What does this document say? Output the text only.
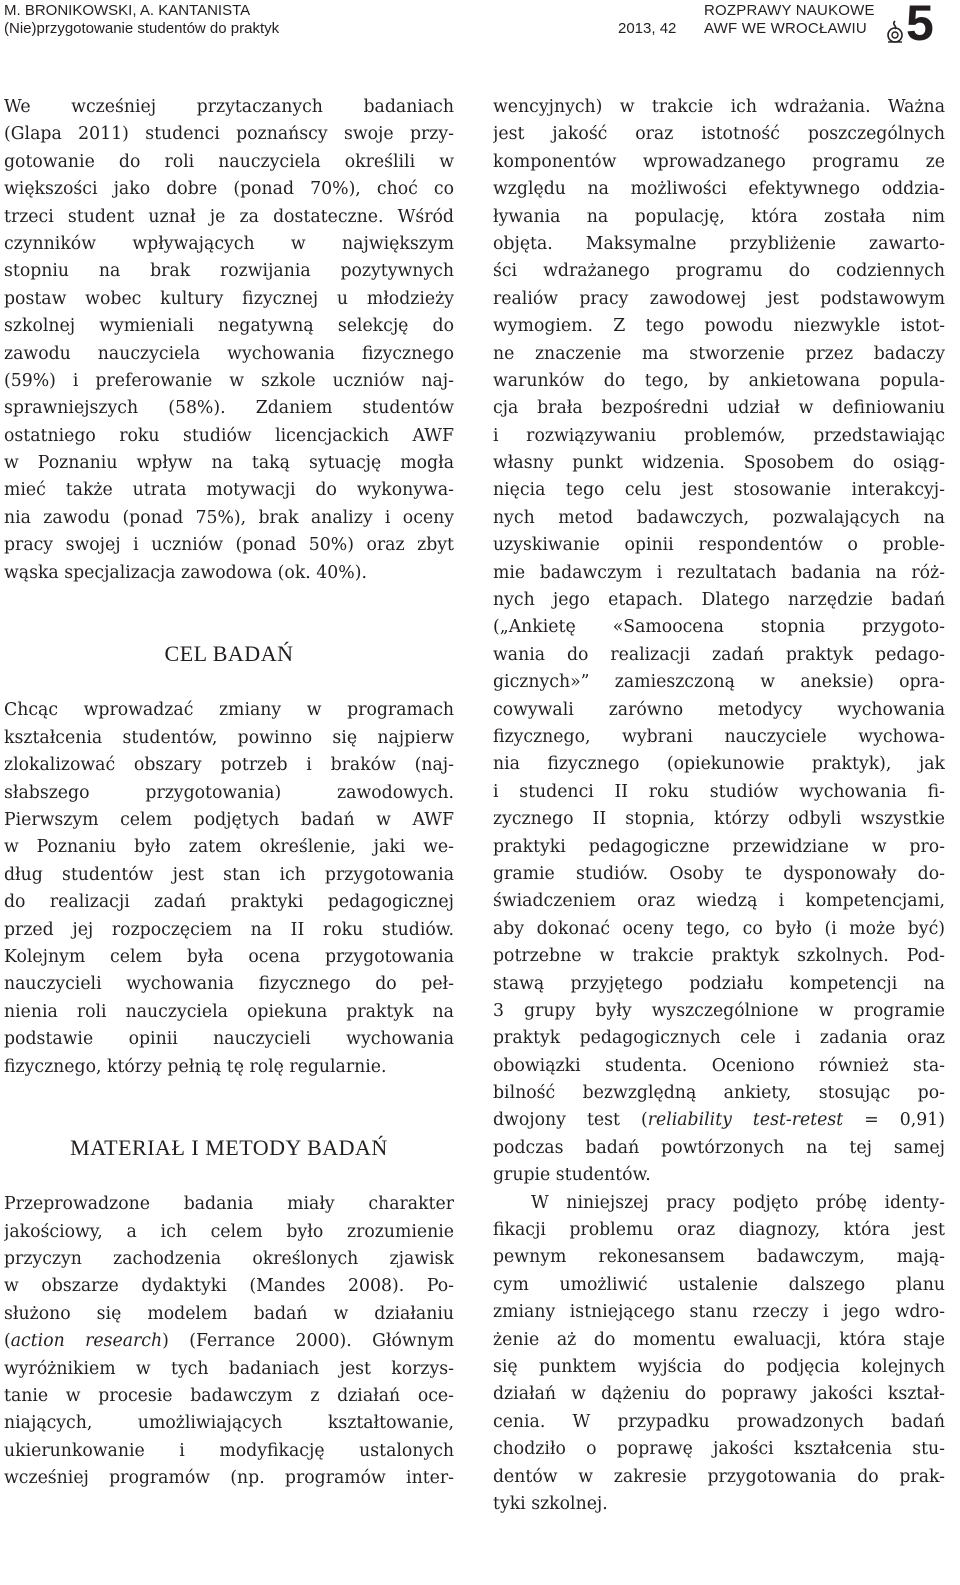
M. BRONIKOWSKI, A. KANTANISTA
(Nie)przygotowanie studentów do praktyk	2013, 42
ROZPRAWY NAUKOWE
AWF WE WROCŁAWIU 5
We wcześniej przytaczanych badaniach
(Glapa 2011) studenci poznańscy swoje przy-
gotowanie do roli nauczyciela określili w
większości jako dobre (ponad 70%), choć co
trzeci student uznał je za dostateczne. Wśród
czynników wpływających w największym
stopniu na brak rozwijania pozytywnych
postaw wobec kultury fizycznej u młodzieży
szkolnej wymieniali negatywną selekcję do
zawodu nauczyciela wychowania fizycznego
(59%) i preferowanie w szkole uczniów naj-
sprawniejszych (58%). Zdaniem studentów
ostatniego roku studiów licencjackich AWF
w Poznaniu wpływ na taką sytuację mogła
mieć także utrata motywacji do wykonywa-
nia zawodu (ponad 75%), brak analizy i oceny
pracy swojej i uczniów (ponad 50%) oraz zbyt
wąska specjalizacja zawodowa (ok. 40%).
CEL BADAŃ
Chcąc wprowadzać zmiany w programach
kształcenia studentów, powinno się najpierw
zlokalizować obszary potrzeb i braków (naj-
słabszego przygotowania) zawodowych.
Pierwszym celem podjętych badań w AWF
w Poznaniu było zatem określenie, jaki we-
dług studentów jest stan ich przygotowania
do realizacji zadań praktyki pedagogicznej
przed jej rozpoczęciem na II roku studiów.
Kolejnym celem była ocena przygotowania
nauczycieli wychowania fizycznego do peł-
nienia roli nauczyciela opiekuna praktyk na
podstawie opinii nauczycieli wychowania
fizycznego, którzy pełnią tę rolę regularnie.
MATERIAŁ I METODY BADAŃ
Przeprowadzone badania miały charakter
jakościowy, a ich celem było zrozumienie
przyczyn zachodzenia określonych zjawisk
w obszarze dydaktyki (Mandes 2008). Po-
służono się modelem badań w działaniu
(action research) (Ferrance 2000). Głównym
wyróżnikiem w tych badaniach jest korzys-
tanie w procesie badawczym z działań oce-
niających, umożliwiających kształtowanie,
ukierunkowanie i modyfikację ustalonych
wcześniej programów (np. programów inter-
wencyjnych) w trakcie ich wdrażania. Ważna
jest jakość oraz istotność poszczególnych
komponentów wprowadzanego programu ze
względu na możliwości efektywnego oddzia-
ływania na populację, która została nim
objęta. Maksymalne przybliżenie zawarto-
ści wdrażanego programu do codziennych
realiów pracy zawodowej jest podstawowym
wymogiem. Z tego powodu niezwykle istot-
ne znaczenie ma stworzenie przez badaczy
warunków do tego, by ankietowana popula-
cja brała bezpośredni udział w definiowaniu
i rozwiązywaniu problemów, przedstawiając
własny punkt widzenia. Sposobem do osiąg-
nięcia tego celu jest stosowanie interakcyj-
nych metod badawczych, pozwalających na
uzyskiwanie opinii respondentów o proble-
mie badawczym i rezultatach badania na róż-
nych jego etapach. Dlatego narzędzie badań
(„Ankietę «Samoocena stopnia przygoto-
wania do realizacji zadań praktyk pedago-
gicznych»” zamieszczoną w aneksie) opra-
cowywali zarówno metodycy wychowania
fizycznego, wybrani nauczyciele wychowa-
nia fizycznego (opiekunowie praktyk), jak
i studenci II roku studiów wychowania fi-
zycznego II stopnia, którzy odbyli wszystkie
praktyki pedagogiczne przewidziane w pro-
gramie studiów. Osoby te dysponowały do-
świadczeniem oraz wiedzą i kompetencjami,
aby dokonać oceny tego, co było (i może być)
potrzebne w trakcie praktyk szkolnych. Pod-
stawą przyjętego podziału kompetencji na
3 grupy były wyszczególnione w programie
praktyk pedagogicznych cele i zadania oraz
obowiązki studenta. Oceniono również sta-
bilność bezwzględną ankiety, stosując po-
dwojony test (reliability test-retest = 0,91)
podczas badań powtórzonych na tej samej
grupie studentów.
W niniejszej pracy podjęto próbę identy-
fikacji problemu oraz diagnozy, która jest
pewnym rekonesansem badawczym, mają-
cym umożliwić ustalenie dalszego planu
zmiany istniejącego stanu rzeczy i jego wdro-
żenie aż do momentu ewaluacji, która staje
się punktem wyjścia do podjęcia kolejnych
działań w dążeniu do poprawy jakości kształ-
cenia. W przypadku prowadzonych badań
chodziło o poprawę jakości kształcenia stu-
dentów w zakresie przygotowania do prak-
tyki szkolnej.
